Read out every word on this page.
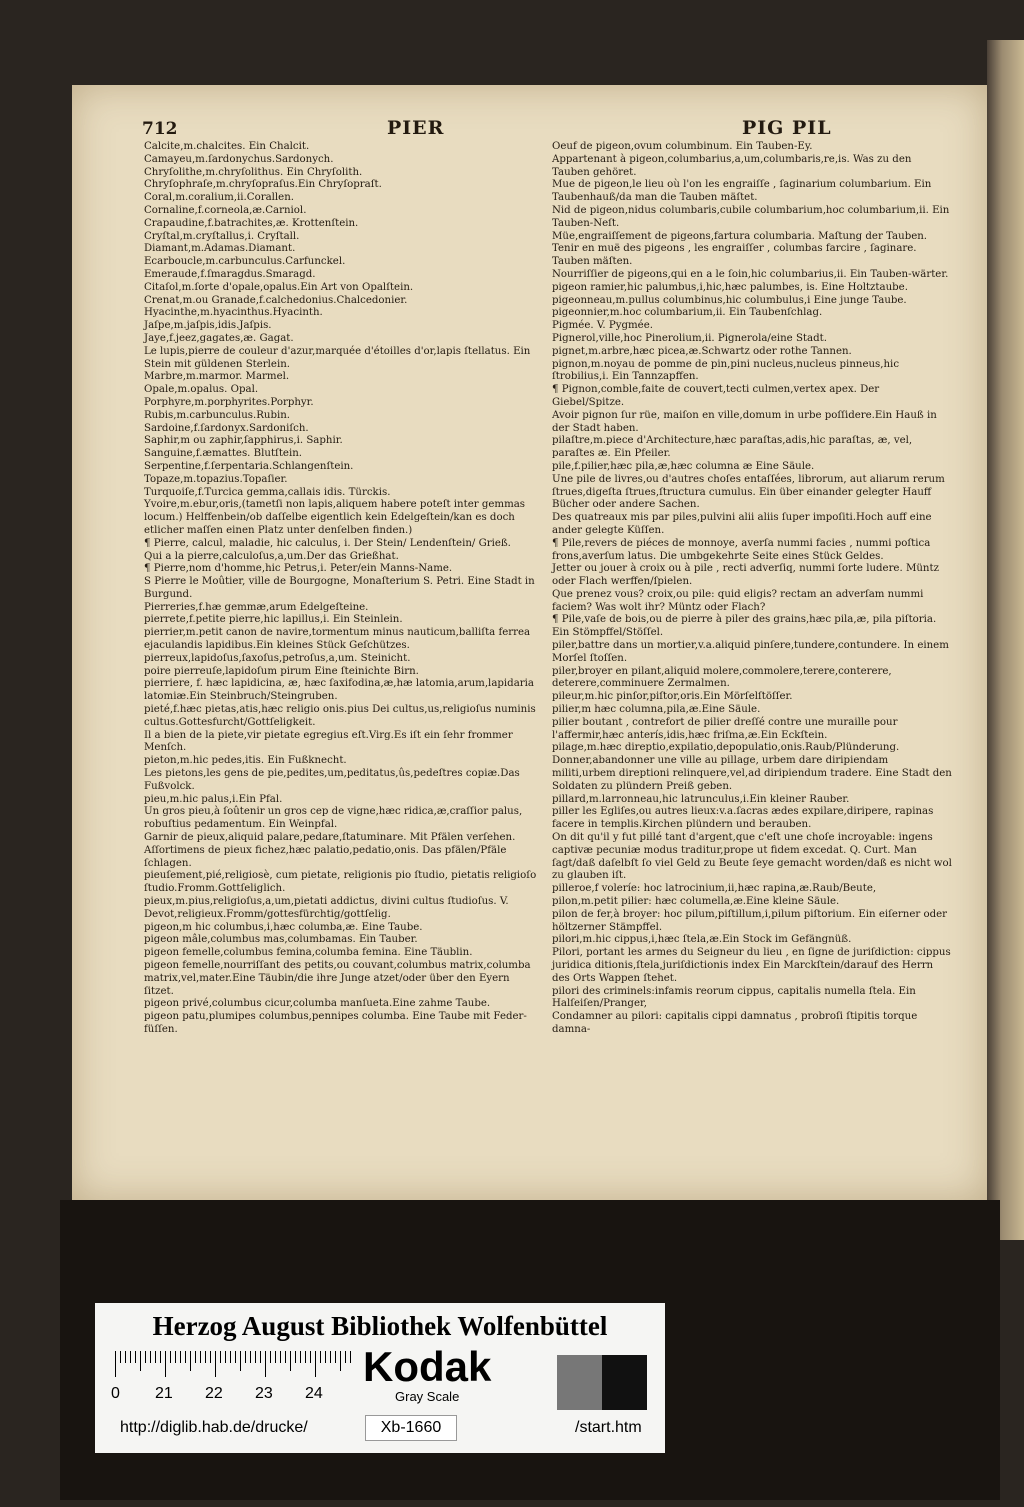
712	PIER	PIG PIL

Calcite,m.chalcites. Ein Chalcit.

Camayeu,m.ſardonychus.Sardonych.

Chryſolithe,m.chryſolithus. Ein Chryſolith.

Chryſophraſe,m.chryſopraſus.Ein Chryſopraſt.

Coral,m.coralium,ii.Corallen.

Cornaline,f.corneola,æ.Carniol.

Crapaudine,f.batrachites,æ. Krottenſtein.

Cryſtal,m.cryſtallus,i. Cryſtall.

Diamant,m.Adamas.Diamant.

Ecarboucle,m.carbunculus.Carfunckel.

Emeraude,f.ſmaragdus.Smaragd.

Citaſol,m.ſorte d'opale,opalus.Ein Art von Opalſtein.

Crenat,m.ou Granade,f.calchedonius.Chalcedonier.

Hyacinthe,m.hyacinthus.Hyacinth.

Jaſpe,m.jaſpis,idis.Jaſpis.

Jaye,f.jeez,gagates,æ. Gagat.

Le lupis,pierre de couleur d'azur,marquée d'étoilles d'or,lapis ſtellatus. Ein Stein mit güldenen Sterlein.

Marbre,m.marmor. Marmel.

Opale,m.opalus. Opal.

Porphyre,m.porphyrites.Porphyr.

Rubis,m.carbunculus.Rubin.

Sardoine,f.ſardonyx.Sardoniſch.

Saphir,m ou zaphir,ſapphirus,i. Saphir.

Sanguine,f.æmattes. Blutſtein.

Serpentine,f.ſerpentaria.Schlangenſtein.

Topaze,m.topazius.Topaſier.

Turquoiſe,f.Turcica gemma,callais idis. Türckis.

Yvoire,m.ebur,oris,(tametſi non lapis,aliquem habere poteſt inter gemmas locum.) Helffenbein/ob daſſelbe eigentlich kein Edelgeſtein/kan es doch etlicher maſſen einen Platz unter denſelben finden.)

¶ Pierre, calcul, maladie, hic calculus, i. Der Stein/ Lendenſtein/ Grieß.

Qui a la pierre,calculoſus,a,um.Der das Grießhat.

¶ Pierre,nom d'homme,hic Petrus,i. Peter/ein Manns-Name.

S Pierre le Moûtier, ville de Bourgogne, Monaſterium S. Petri. Eine Stadt in Burgund.

Pierreries,f.hæ gemmæ,arum Edelgeſteine.

pierrete,f.petite pierre,hic lapillus,i. Ein Steinlein.

pierrier,m.petit canon de navire,tormentum minus nauticum,balliſta ferrea ejaculandis lapidibus.Ein kleines Stück Geſchützes.

pierreux,lapidoſus,ſaxoſus,petroſus,a,um. Steinicht.

poire pierreuſe,lapidoſum pirum Eine ſteinichte Birn.

pierriere, f. hæc lapidicina, æ, hæc ſaxifodina,æ,hæ latomia,arum,lapidaria latomiæ.Ein Steinbruch/Steingruben.

pieté,f.hæc pietas,atis,hæc religio onis.pius Dei cultus,us,religioſus numinis cultus.Gottesfurcht/Gottſeligkeit.

Il a bien de la piete,vir pietate egregius eſt.Virg.Es iſt ein ſehr frommer Menſch.

pieton,m.hic pedes,itis. Ein Fußknecht.

Les pietons,les gens de pie,pedites,um,peditatus,ûs,pedeſtres copiæ.Das Fußvolck.

pieu,m.hic palus,i.Ein Pfal.

Un gros pieu,à ſoûtenir un gros cep de vigne,hæc ridica,æ,craſſior palus, robuſtius pedamentum. Ein Weinpfal.

Garnir de pieux,aliquid palare,pedare,ſtatuminare. Mit Pfälen verſehen.

Aſſortimens de pieux fichez,hæc palatio,pedatio,onis. Das pfälen/Pfäle ſchlagen.

pieuſement,pié,religiosè, cum pietate, religionis pio ſtudio, pietatis religioſo ſtudio.Fromm.Gottſeliglich.

pieux,m.pius,religioſus,a,um,pietati addictus, divini cultus ſtudioſus. V. Devot,religieux.Fromm/gottesfürchtig/gottſelig.

pigeon,m hic columbus,i,hæc columba,æ. Eine Taube.

pigeon mâle,columbus mas,columbamas. Ein Tauber.

pigeon femelle,columbus femina,columba femina. Eine Täublin.

pigeon femelle,nourriſſant des petits,ou couvant,columbus matrix,columba matrix,vel,mater.Eine Täubin/die ihre Junge atzet/oder über den Eyern ſitzet.

pigeon privé,columbus cicur,columba manſueta.Eine zahme Taube.

pigeon patu,plumipes columbus,pennipes columba. Eine Taube mit Feder-füſſen.

Oeuf de pigeon,ovum columbinum. Ein Tauben-Ey.

Appartenant à pigeon,columbarius,a,um,columbaris,re,is. Was zu den Tauben gehöret.

Mue de pigeon,le lieu où l'on les engraiſſe , ſaginarium columbarium. Ein Taubenhauß/da man die Tauben mäſtet.

Nid de pigeon,nidus columbaris,cubile columbarium,hoc columbarium,ii. Ein Tauben-Neſt.

Müe,engraiſſement de pigeons,fartura columbaria. Maſtung der Tauben.

Tenir en muë des pigeons , les engraiſſer , columbas farcire , ſaginare. Tauben mäſten.

Nourriſſier de pigeons,qui en a le ſoin,hic columbarius,ii. Ein Tauben-wärter.

pigeon ramier,hic palumbus,i,hic,hæc palumbes, is. Eine Holtztaube.

pigeonneau,m.pullus columbinus,hic columbulus,i Eine junge Taube.

pigeonnier,m.hoc columbarium,ii. Ein Taubenſchlag.

Pigmée. V. Pygmée.

Pignerol,ville,hoc Pinerolium,ii. Pignerola/eine Stadt.

pignet,m.arbre,hæc picea,æ.Schwartz oder rothe Tannen.

pignon,m.noyau de pomme de pin,pini nucleus,nucleus pinneus,hic ſtrobilius,i. Ein Tannzapffen.

¶ Pignon,comble,faite de couvert,tecti culmen,vertex apex. Der Giebel/Spitze.

Avoir pignon ſur rüe, maiſon en ville,domum in urbe poſſidere.Ein Hauß in der Stadt haben.

pilaſtre,m.piece d'Architecture,hæc paraſtas,adis,hic paraſtas, æ, vel, paraſtes æ. Ein Pfeiler.

pile,f.pilier,hæc pila,æ,hæc columna æ Eine Säule.

Une pile de livres,ou d'autres choſes entaſſées, librorum, aut aliarum rerum ſtrues,digeſta ſtrues,ſtructura cumulus. Ein über einander gelegter Hauff Bücher oder andere Sachen.

Des quatreaux mis par piles,pulvini alii aliis ſuper impoſiti.Hoch auff eine ander gelegte Küſſen.

¶ Pile,revers de piéces de monnoye, averſa nummi facies , nummi poſtica frons,averſum latus. Die umbgekehrte Seite eines Stück Geldes.

Jetter ou jouer à croix ou à pile , recti adverſiq, nummi ſorte ludere. Müntz oder Flach werffen/ſpielen.

Que prenez vous? croix,ou pile: quid eligis? rectam an adverſam nummi faciem? Was wolt ihr? Müntz oder Flach?

¶ Pile,vaſe de bois,ou de pierre à piler des grains,hæc pila,æ, pila piſtoria. Ein Stömpffel/Stöſſel.

piler,battre dans un mortier,v.a.aliquid pinſere,tundere,contundere. In einem Morſel ſtoſſen.

piler,broyer en pilant,aliquid molere,commolere,terere,conterere, deterere,comminuere Zermalmen.

pileur,m.hic pinſor,piſtor,oris.Ein Mörſelſtöſſer.

pilier,m hæc columna,pila,æ.Eine Säule.

pilier boutant , contrefort de pilier dreſſé contre une muraille pour l'affermir,hæc anterís,idis,hæc friſma,æ.Ein Eckſtein.

pilage,m.hæc direptio,expilatio,depopulatio,onis.Raub/Plünderung.

Donner,abandonner une ville au pillage, urbem dare diripiendam militi,urbem direptioni relinquere,vel,ad diripiendum tradere. Eine Stadt den Soldaten zu plündern Preiß geben.

pillard,m.larronneau,hic latrunculus,i.Ein kleiner Rauber.

piller les Egliſes,ou autres lieux:v.a.ſacras ædes expilare,diripere, rapinas facere in templis.Kirchen plündern und berauben.

On dit qu'il y fut pillé tant d'argent,que c'eſt une choſe incroyable: ingens captivæ pecuniæ modus traditur,prope ut fidem excedat. Q. Curt. Man ſagt/daß daſelbſt ſo viel Geld zu Beute ſeye gemacht worden/daß es nicht wol zu glauben iſt.

pilleroe,f voleríe: hoc latrocinium,ii,hæc rapina,æ.Raub/Beute,

pilon,m.petit pilier: hæc columella,æ.Eine kleine Säule.

pilon de fer,à broyer: hoc pilum,piſtillum,i,pilum piſtorium. Ein eiſerner oder höltzerner Stämpffel.

pilori,m.hic cippus,i,hæc ſtela,æ.Ein Stock im Gefängnüß.

Pilori, portant les armes du Seigneur du lieu , en ſigne de juriſdiction: cippus juridica ditionis,ſtela,juriſdictionis index Ein Marckſtein/darauf des Herrn des Orts Wappen ſtehet.

pilori des criminels:infamis reorum cippus, capitalis numella ſtela. Ein Halſeiſen/Pranger,

Condamner au pilori: capitalis cippi damnatus , probroſi ſtipitis torque damna-

Herzog August Bibliothek Wolfenbüttel
0 21 22 23 24
Kodak
Gray Scale
http://diglib.hab.de/drucke/	Xb-1660	/start.htm
